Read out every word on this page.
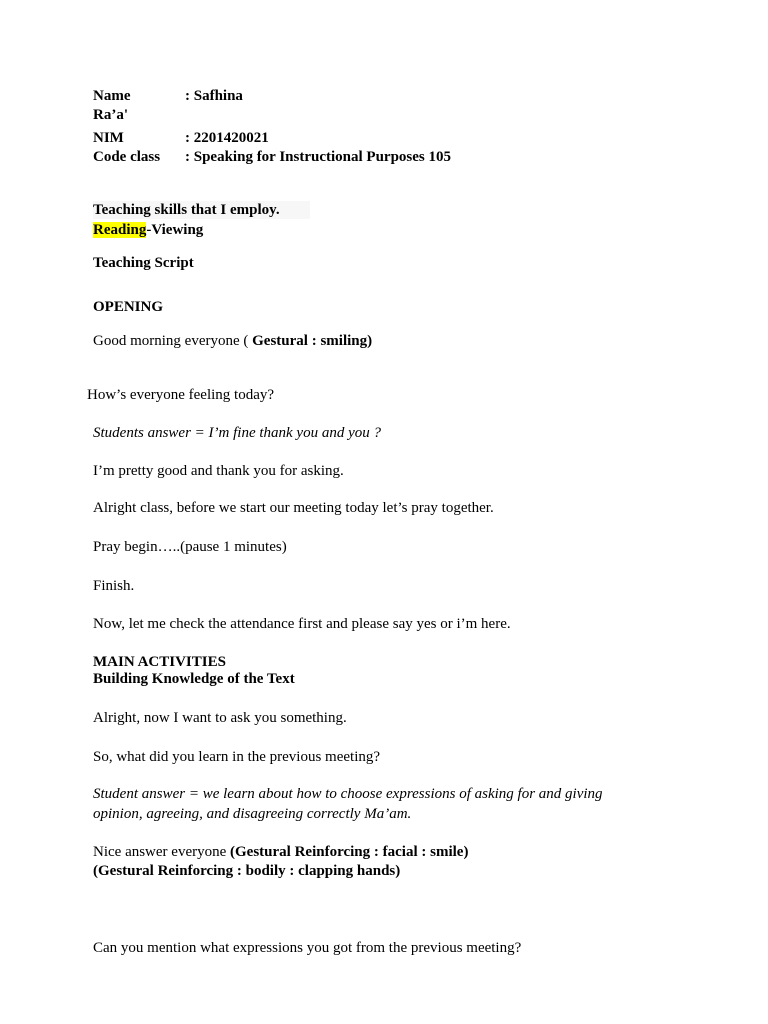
Name	: Safhina
Ra’a'
NIM	: 2201420021
Code class : Speaking for Instructional Purposes 105
Teaching skills that I employ.
Reading-Viewing
Teaching Script
OPENING
Good morning everyone ( Gestural : smiling)
How’s everyone feeling today?
Students answer = I’m fine thank you and you ?
I’m pretty good and thank you for asking.
Alright class, before we start our meeting today let’s pray together.
Pray begin…..(pause 1 minutes)
Finish.
Now, let me check the attendance first and please say yes or i’m here.
MAIN ACTIVITIES
Building Knowledge of the Text
Alright, now I want to ask you something.
So, what did you learn in the previous meeting?
Student answer = we learn about how to choose expressions of asking for and giving
opinion, agreeing, and disagreeing correctly Ma’am.
Nice answer everyone (Gestural Reinforcing : facial : smile)
(Gestural Reinforcing : bodily : clapping hands)
Can you mention what expressions you got from the previous meeting?
